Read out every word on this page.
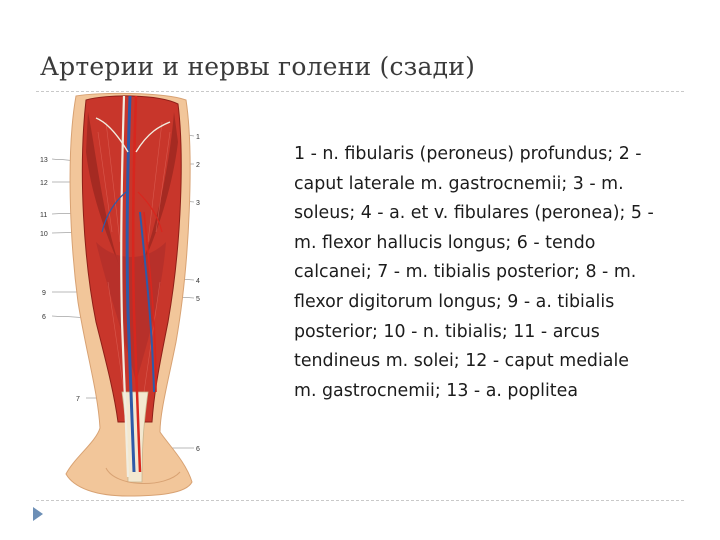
Артерии и нервы голени (сзади)
1
2
3
4
5
6
13
12
11
10
9
6
7
1 - n. fibularis (peroneus) profundus; 2 - caput laterale m. gastrocnemii; 3 - m. soleus; 4 - a. et v. fibulares (peronea); 5 - m. flexor hallucis longus; 6 - tendo calcanei; 7 - m. tibialis posterior; 8 - m. flexor digitorum longus; 9 - a. tibialis posterior; 10 - n. tibialis; 11 - arcus tendineus m. solei; 12 - caput mediale m. gastrocnemii; 13 - a. poplitea
